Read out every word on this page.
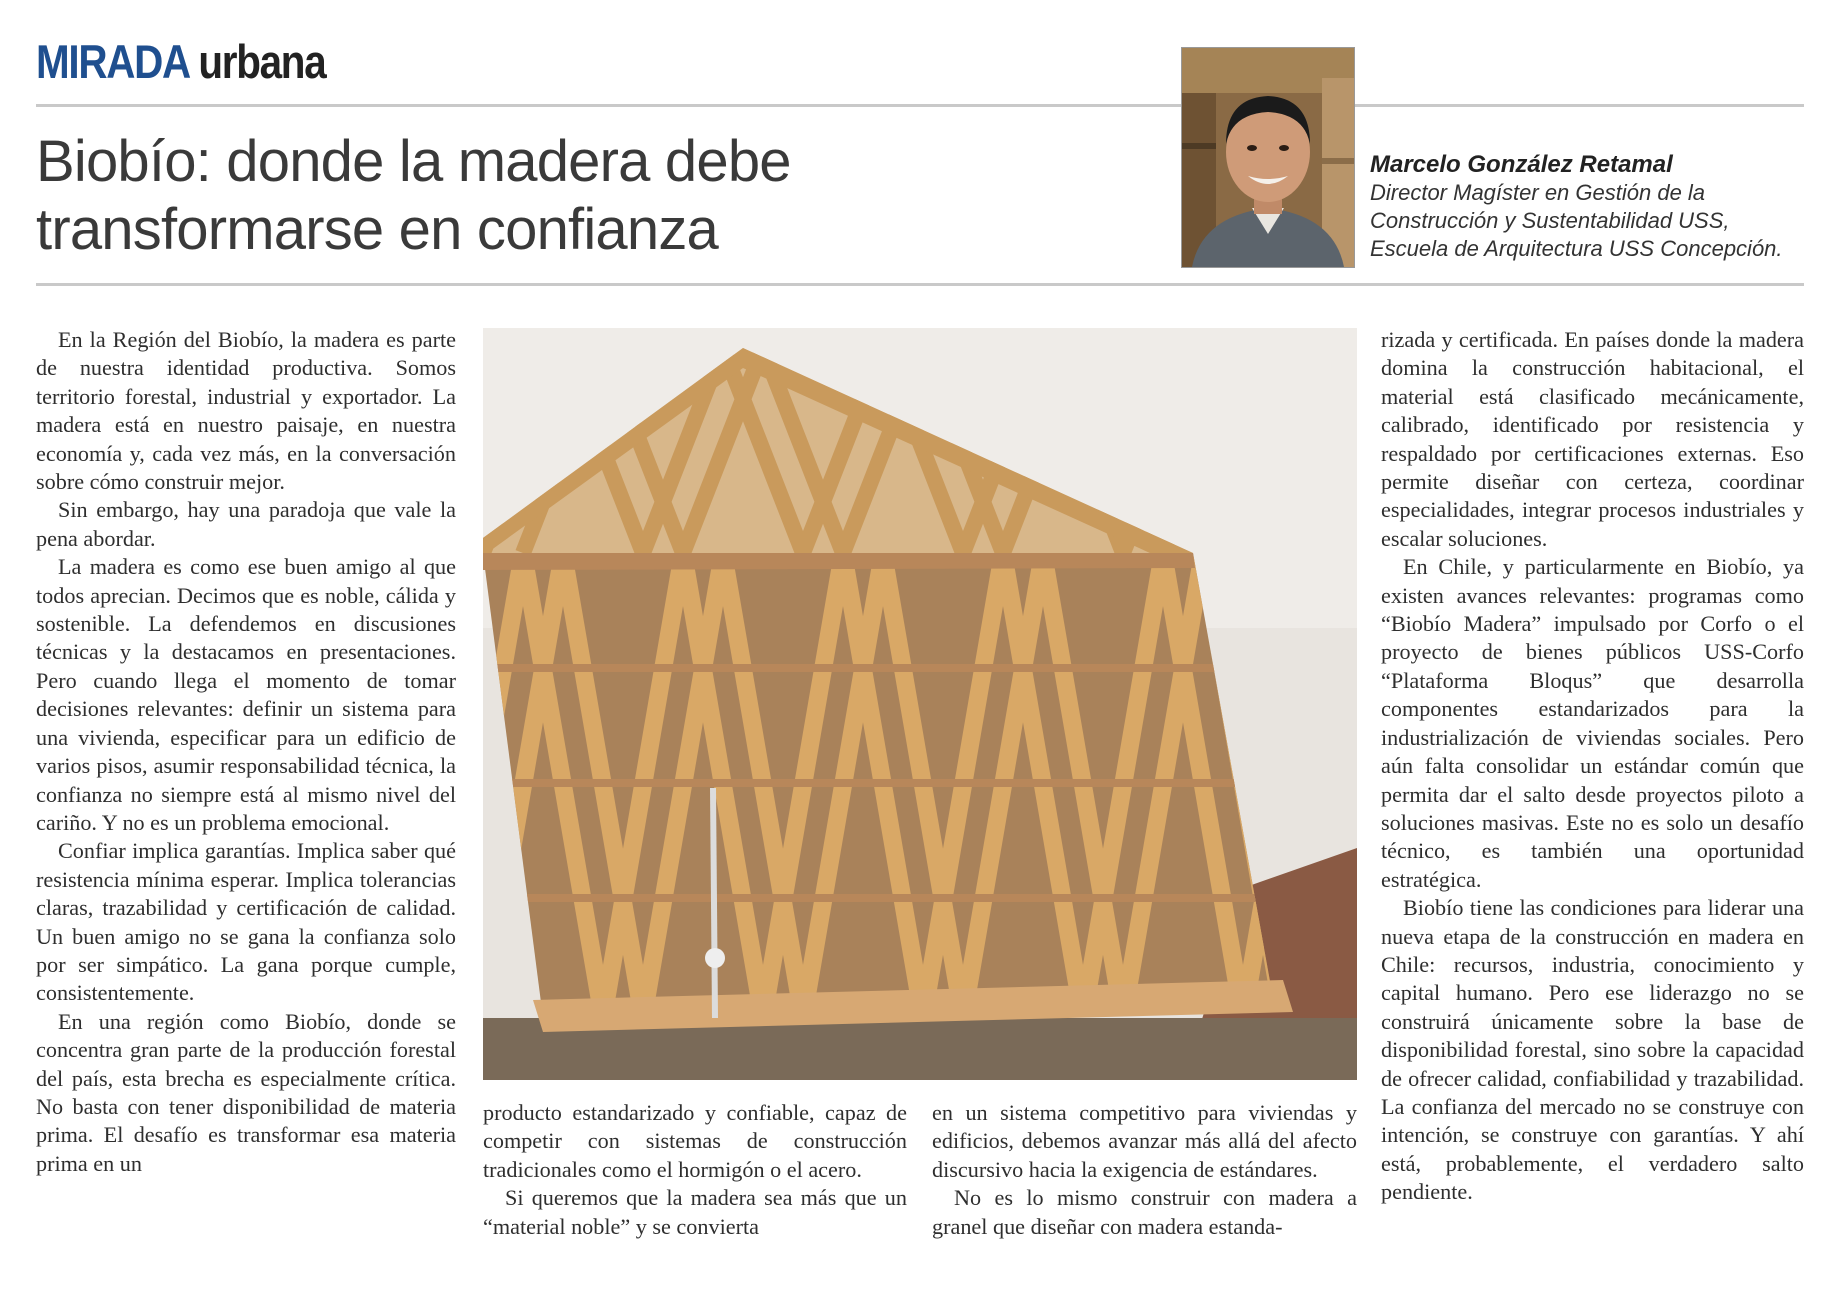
MIRADA urbana
Biobío: donde la madera debe
transformarse en confianza
Marcelo González Retamal
Director Magíster en Gestión de la
Construcción y Sustentabilidad USS,
Escuela de Arquitectura USS Concepción.

En la Región del Biobío, la madera es parte de nuestra identidad productiva. Somos territorio forestal, industrial y exportador. La madera está en nuestro paisaje, en nuestra economía y, cada vez más, en la conversación sobre cómo construir mejor.

Sin embargo, hay una paradoja que vale la pena abordar.

La madera es como ese buen amigo al que todos aprecian. Decimos que es noble, cálida y sostenible. La defendemos en discusiones técnicas y la destacamos en presentaciones. Pero cuando llega el momento de tomar decisiones relevantes: definir un sistema para una vivienda, especificar para un edificio de varios pisos, asumir responsabilidad técnica, la confianza no siempre está al mismo nivel del cariño. Y no es un problema emocional.

Confiar implica garantías. Implica saber qué resistencia mínima esperar. Implica tolerancias claras, trazabilidad y certificación de calidad. Un buen amigo no se gana la confianza solo por ser simpático. La gana porque cumple, consistentemente.

En una región como Biobío, donde se concentra gran parte de la producción forestal del país, esta brecha es especialmente crítica. No basta con tener disponibilidad de materia prima. El desafío es transformar esa materia prima en un

producto estandarizado y confiable, capaz de competir con sistemas de construcción tradicionales como el hormigón o el acero.

Si queremos que la madera sea más que un “material noble” y se convierta

en un sistema competitivo para viviendas y edificios, debemos avanzar más allá del afecto discursivo hacia la exigencia de estándares.

No es lo mismo construir con madera a granel que diseñar con madera estanda-

rizada y certificada. En países donde la madera domina la construcción habitacional, el material está clasificado mecánicamente, calibrado, identificado por resistencia y respaldado por certificaciones externas. Eso permite diseñar con certeza, coordinar especialidades, integrar procesos industriales y escalar soluciones.

En Chile, y particularmente en Biobío, ya existen avances relevantes: programas como “Biobío Madera” impulsado por Corfo o el proyecto de bienes públicos USS-Corfo “Plataforma Bloqus” que desarrolla componentes estandarizados para la industrialización de viviendas sociales. Pero aún falta consolidar un estándar común que permita dar el salto desde proyectos piloto a soluciones masivas. Este no es solo un desafío técnico, es también una oportunidad estratégica.

Biobío tiene las condiciones para liderar una nueva etapa de la construcción en madera en Chile: recursos, industria, conocimiento y capital humano. Pero ese liderazgo no se construirá únicamente sobre la base de disponibilidad forestal, sino sobre la capacidad de ofrecer calidad, confiabilidad y trazabilidad. La confianza del mercado no se construye con intención, se construye con garantías. Y ahí está, probablemente, el verdadero salto pendiente.
